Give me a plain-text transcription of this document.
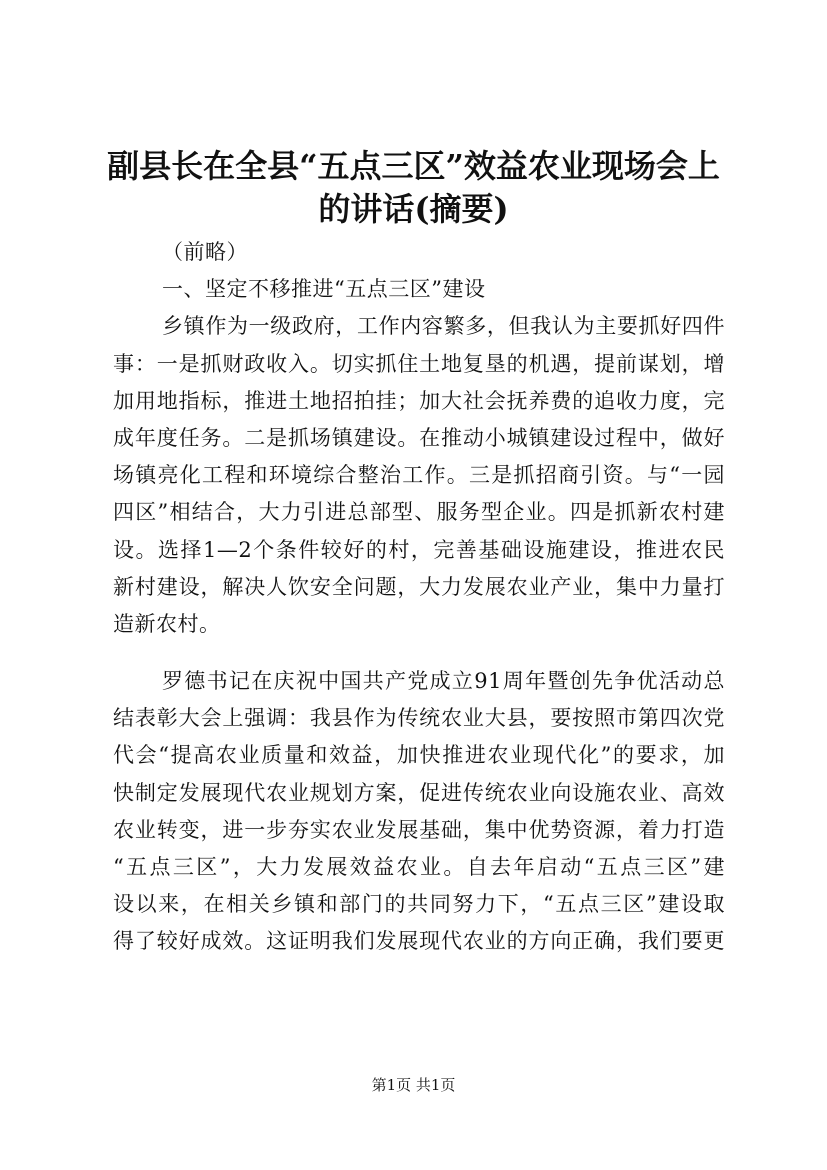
副县长在全县“五点三区”效益农业现场会上
的讲话(摘要)
（前略）
一、坚定不移推进“五点三区”建设
乡镇作为一级政府，工作内容繁多，但我认为主要抓好四件
事：一是抓财政收入。切实抓住土地复垦的机遇，提前谋划，增
加用地指标，推进土地招拍挂；加大社会抚养费的追收力度，完
成年度任务。二是抓场镇建设。在推动小城镇建设过程中，做好
场镇亮化工程和环境综合整治工作。三是抓招商引资。与“一园
四区”相结合，大力引进总部型、服务型企业。四是抓新农村建
设。选择1—2个条件较好的村，完善基础设施建设，推进农民
新村建设，解决人饮安全问题，大力发展农业产业，集中力量打
造新农村。
罗德书记在庆祝中国共产党成立91周年暨创先争优活动总
结表彰大会上强调：我县作为传统农业大县，要按照市第四次党
代会“提高农业质量和效益，加快推进农业现代化”的要求，加
快制定发展现代农业规划方案，促进传统农业向设施农业、高效
农业转变，进一步夯实农业发展基础，集中优势资源，着力打造
“五点三区”，大力发展效益农业。自去年启动“五点三区”建
设以来，在相关乡镇和部门的共同努力下，“五点三区”建设取
得了较好成效。这证明我们发展现代农业的方向正确，我们要更
第1页 共1页
